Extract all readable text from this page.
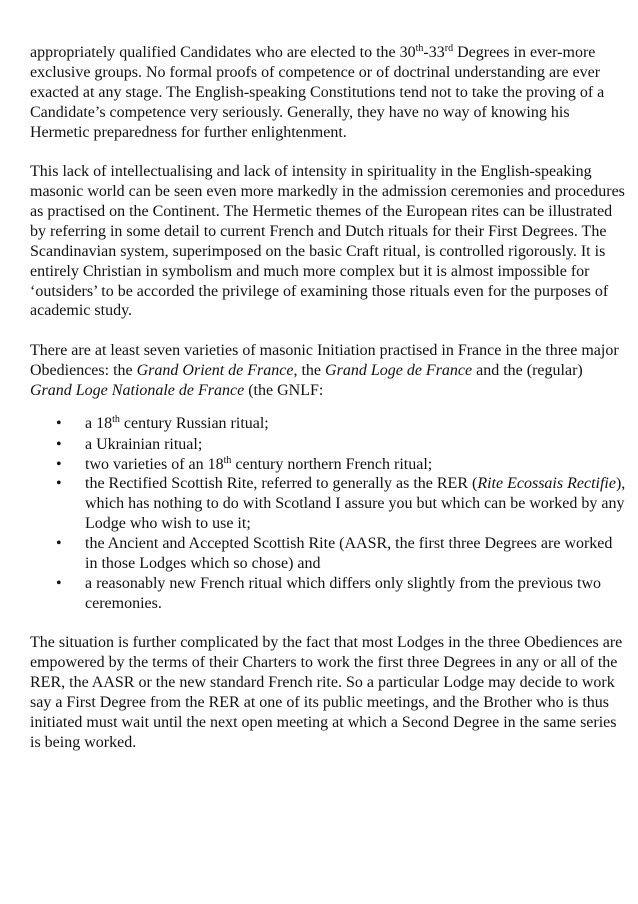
appropriately qualified Candidates who are elected to the 30th-33rd Degrees in ever-more exclusive groups. No formal proofs of competence or of doctrinal understanding are ever exacted at any stage. The English-speaking Constitutions tend not to take the proving of a Candidate’s competence very seriously. Generally, they have no way of knowing his Hermetic preparedness for further enlightenment.

This lack of intellectualising and lack of intensity in spirituality in the English-speaking masonic world can be seen even more markedly in the admission ceremonies and procedures as practised on the Continent. The Hermetic themes of the European rites can be illustrated by referring in some detail to current French and Dutch rituals for their First Degrees. The Scandinavian system, superimposed on the basic Craft ritual, is controlled rigorously. It is entirely Christian in symbolism and much more complex but it is almost impossible for ‘outsiders’ to be accorded the privilege of examining those rituals even for the purposes of academic study.

There are at least seven varieties of masonic Initiation practised in France in the three major Obediences: the Grand Orient de France, the Grand Loge de France and the (regular) Grand Loge Nationale de France (the GNLF:

• a 18th century Russian ritual;
• a Ukrainian ritual;
• two varieties of an 18th century northern French ritual;
• the Rectified Scottish Rite, referred to generally as the RER (Rite Ecossais Rectifie), which has nothing to do with Scotland I assure you but which can be worked by any Lodge who wish to use it;
• the Ancient and Accepted Scottish Rite (AASR, the first three Degrees are worked in those Lodges which so chose) and
• a reasonably new French ritual which differs only slightly from the previous two ceremonies.

The situation is further complicated by the fact that most Lodges in the three Obediences are empowered by the terms of their Charters to work the first three Degrees in any or all of the RER, the AASR or the new standard French rite. So a particular Lodge may decide to work say a First Degree from the RER at one of its public meetings, and the Brother who is thus initiated must wait until the next open meeting at which a Second Degree in the same series is being worked.
